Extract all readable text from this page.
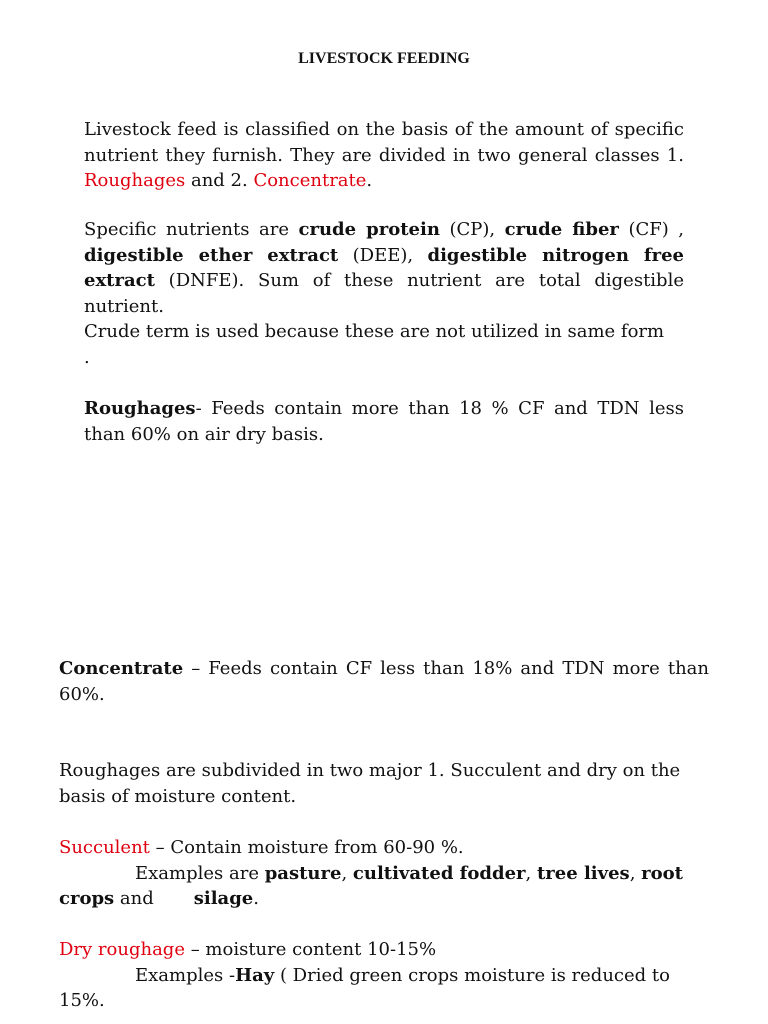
LIVESTOCK FEEDING

Livestock feed is classified on the basis of the amount of specific nutrient they furnish. They are divided in two general classes 1. Roughages and 2. Concentrate.

Specific nutrients are crude protein (CP), crude fiber (CF) , digestible ether extract (DEE), digestible nitrogen free extract (DNFE). Sum of these nutrient are total digestible nutrient.

Crude term is used because these are not utilized in same form
.

Roughages- Feeds contain more than 18 % CF and TDN less than 60% on air dry basis.

Concentrate – Feeds contain CF less than 18% and TDN more than 60%.

Roughages are subdivided in two major 1. Succulent and dry on the basis of moisture content.

Succulent – Contain moisture from 60-90 %.
Examples are pasture, cultivated fodder, tree lives, root crops and silage.

Dry roughage – moisture content 10-15%
Examples -Hay ( Dried green crops moisture is reduced to 15%.
